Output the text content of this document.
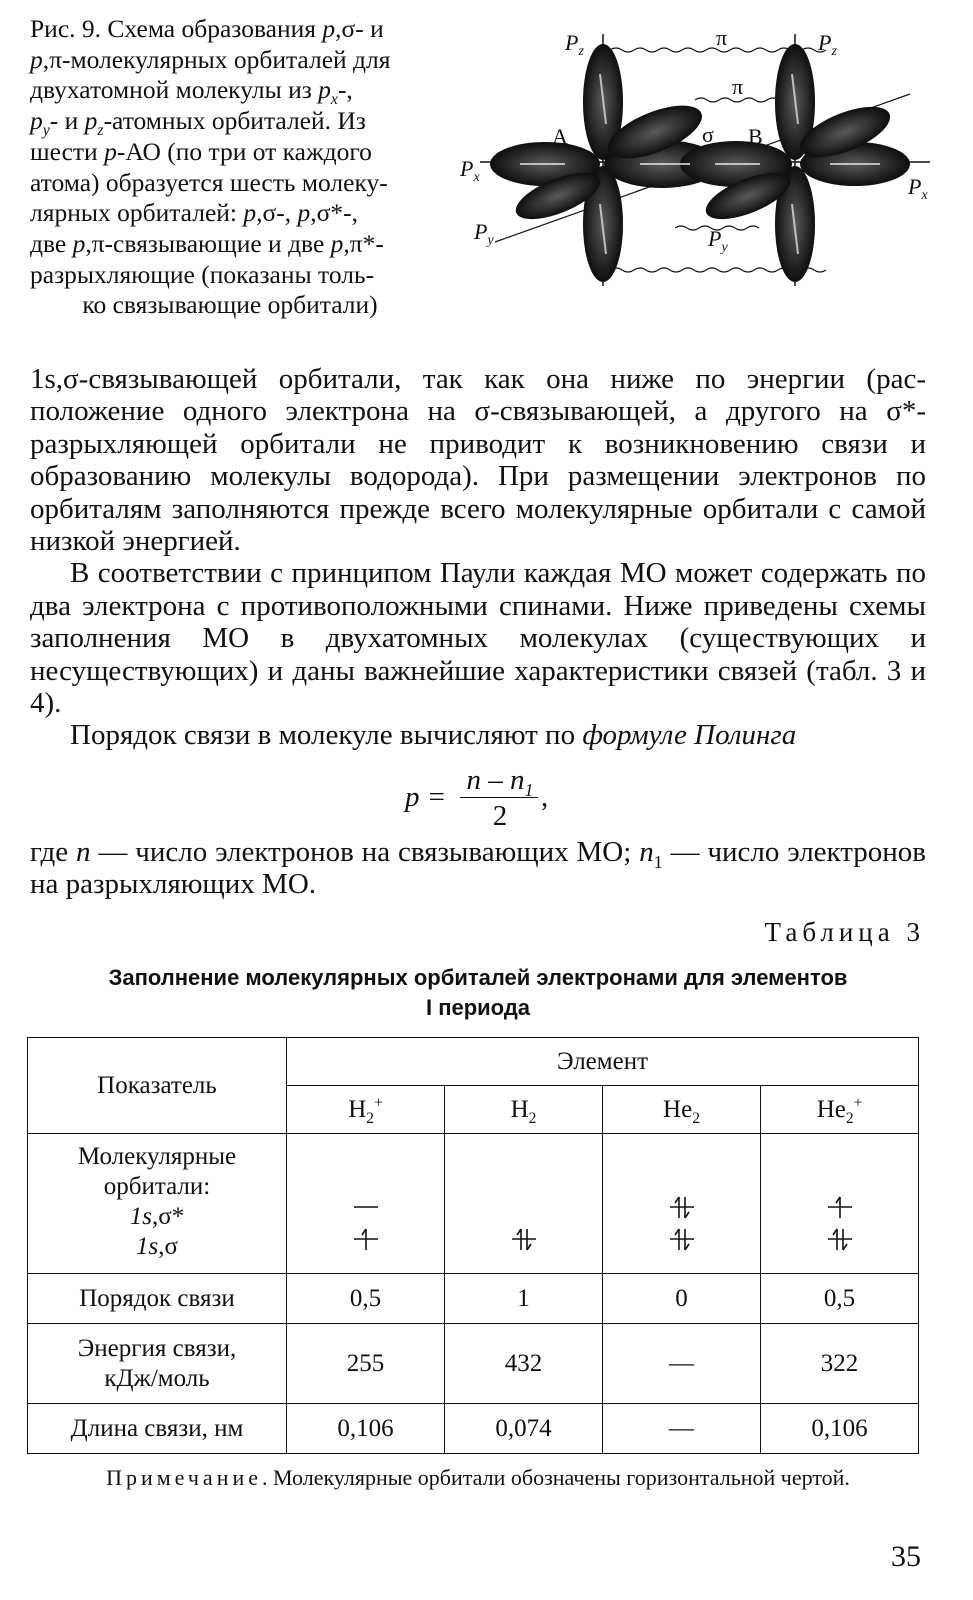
Рис. 9. Схема образования p,σ- и
p,π-молекулярных орбиталей для
двухатомной молекулы из $p_x-$,
$p_y-$ и $p_z$-атомных орбиталей. Из
шести p-АО (по три от каждого
атома) образуется шесть молеку-
лярных орбиталей: p,σ-, p,σ*-,
две p,π-связывающие и две p,π*-
разрыхляющие (показаны толь-
ко связывающие орбитали)
$P_z$	$P_z$
π
π
σ
A	B
$P_x$	$P_x$
$P_y$	$P_y$

1s,σ-связывающей орбитали, так как она ниже по энергии (расположение одного электрона на σ-связывающей, а другого на σ*-разрыхляющей орбитали не приводит к возникновению связи и образованию молекулы водорода). При размещении электронов по орбиталям заполняются прежде всего молекулярные орбитали с самой низкой энергией.

В соответствии с принципом Паули каждая МО может содержать по два электрона с противоположными спинами. Ниже приведены схемы заполнения МО в двухатомных молекулах (существующих и несуществующих) и даны важнейшие характеристики связей (табл. 3 и 4).

Порядок связи в молекуле вычисляют по формуле Полинга

p =
n – $n_1$
2
,
где n — число электронов на связывающих МО; $n_1$ — число электронов на разрыхляющих МО.
Таблица 3
Заполнение молекулярных орбиталей электронами для элементов
I периода
Показатель	Элемент			
	$H_2^+$	$H_2$	$He_2$	$He_2^+$

Молекулярные
орбитали:
1s,σ*
1s,σ

Порядок связи	0,5	1	0	0,5

Энергия связи,
кДж/моль	255	432	—	322
Длина связи, нм	0,106	0,074	—	0,106
Примечание. Молекулярные орбитали обозначены горизонтальной чертой.
35
